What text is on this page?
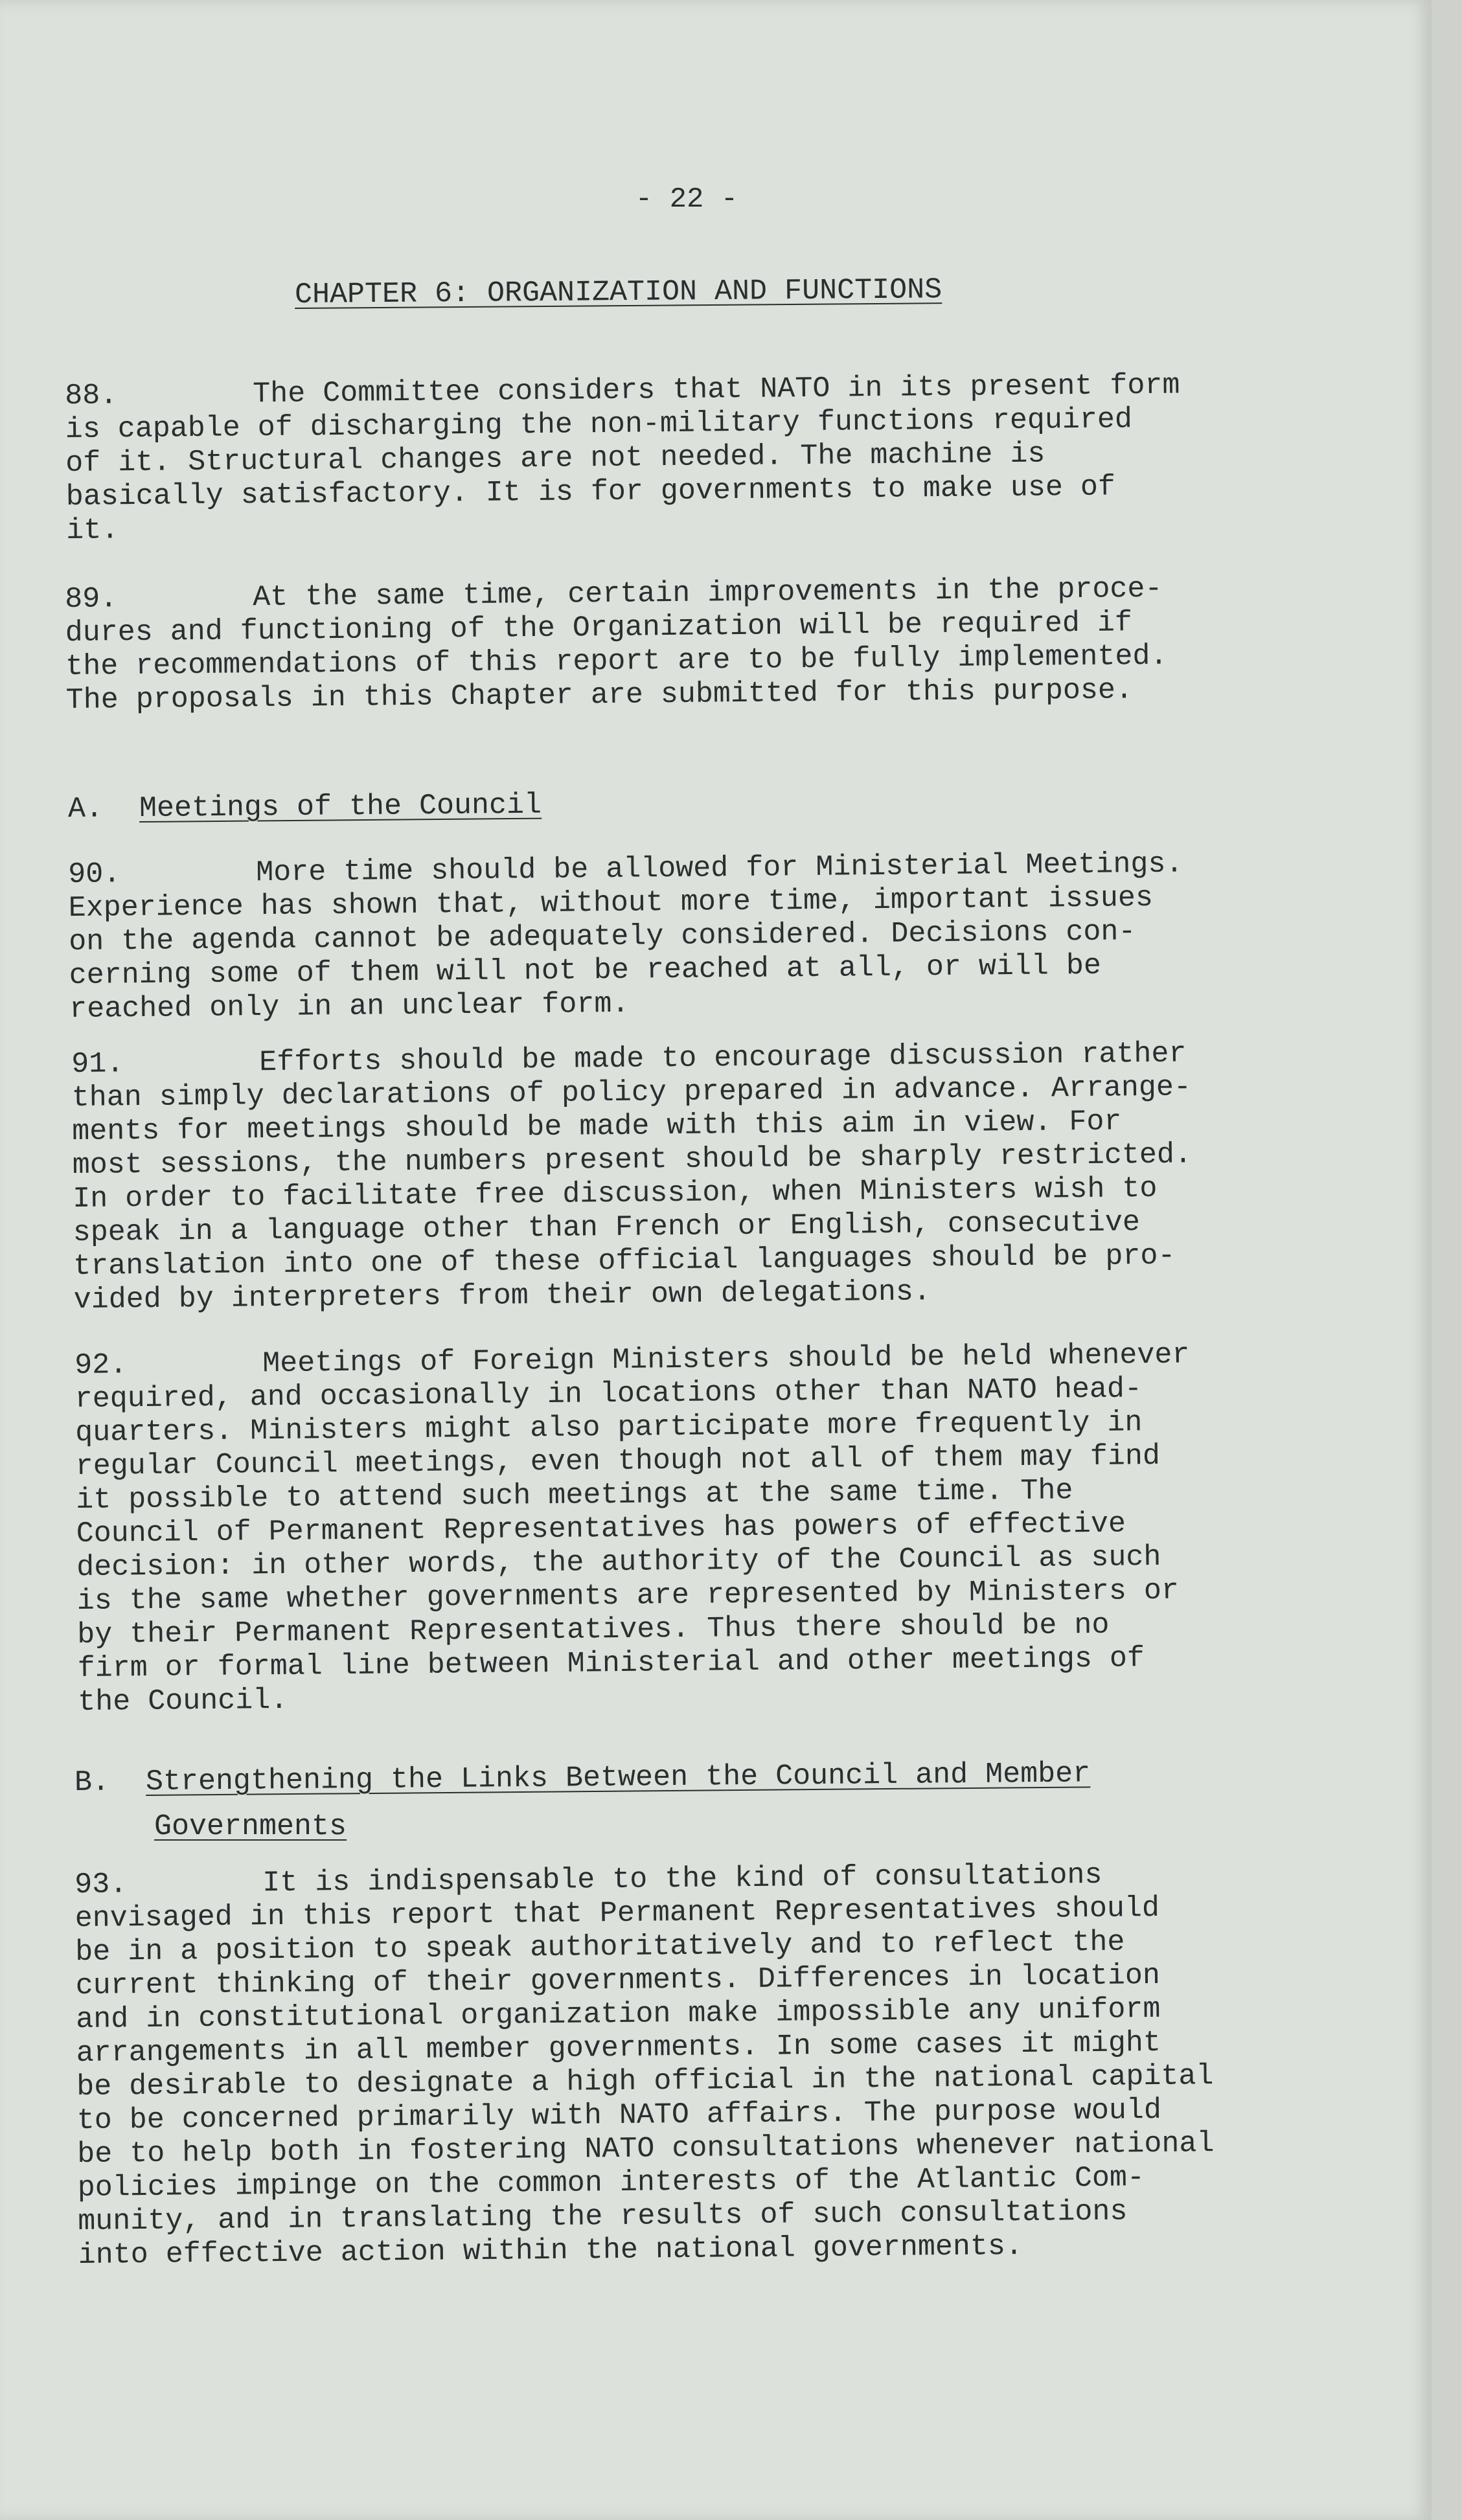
- 22 -
CHAPTER 6: ORGANIZATION AND FUNCTIONS
88.	The Committee considers that NATO in its present form
is capable of discharging the non-military functions required
of it. Structural changes are not needed. The machine is
basically satisfactory. It is for governments to make use of
it.
89.	At the same time, certain improvements in the proce-
dures and functioning of the Organization will be required if
the recommendations of this report are to be fully implemented.
The proposals in this Chapter are submitted for this purpose.
A. Meetings of the Council
90.	More time should be allowed for Ministerial Meetings.
Experience has shown that, without more time, important issues
on the agenda cannot be adequately considered. Decisions con-
cerning some of them will not be reached at all, or will be
reached only in an unclear form.
91.	Efforts should be made to encourage discussion rather
than simply declarations of policy prepared in advance. Arrange-
ments for meetings should be made with this aim in view. For
most sessions, the numbers present should be sharply restricted.
In order to facilitate free discussion, when Ministers wish to
speak in a language other than French or English, consecutive
translation into one of these official languages should be pro-
vided by interpreters from their own delegations.
92.	Meetings of Foreign Ministers should be held whenever
required, and occasionally in locations other than NATO head-
quarters. Ministers might also participate more frequently in
regular Council meetings, even though not all of them may find
it possible to attend such meetings at the same time. The
Council of Permanent Representatives has powers of effective
decision: in other words, the authority of the Council as such
is the same whether governments are represented by Ministers or
by their Permanent Representatives. Thus there should be no
firm or formal line between Ministerial and other meetings of
the Council.
B. Strengthening the Links Between the Council and Member
Governments
93.	It is indispensable to the kind of consultations
envisaged in this report that Permanent Representatives should
be in a position to speak authoritatively and to reflect the
current thinking of their governments. Differences in location
and in constitutional organization make impossible any uniform
arrangements in all member governments. In some cases it might
be desirable to designate a high official in the national capital
to be concerned primarily with NATO affairs. The purpose would
be to help both in fostering NATO consultations whenever national
policies impinge on the common interests of the Atlantic Com-
munity, and in translating the results of such consultations
into effective action within the national governments.
